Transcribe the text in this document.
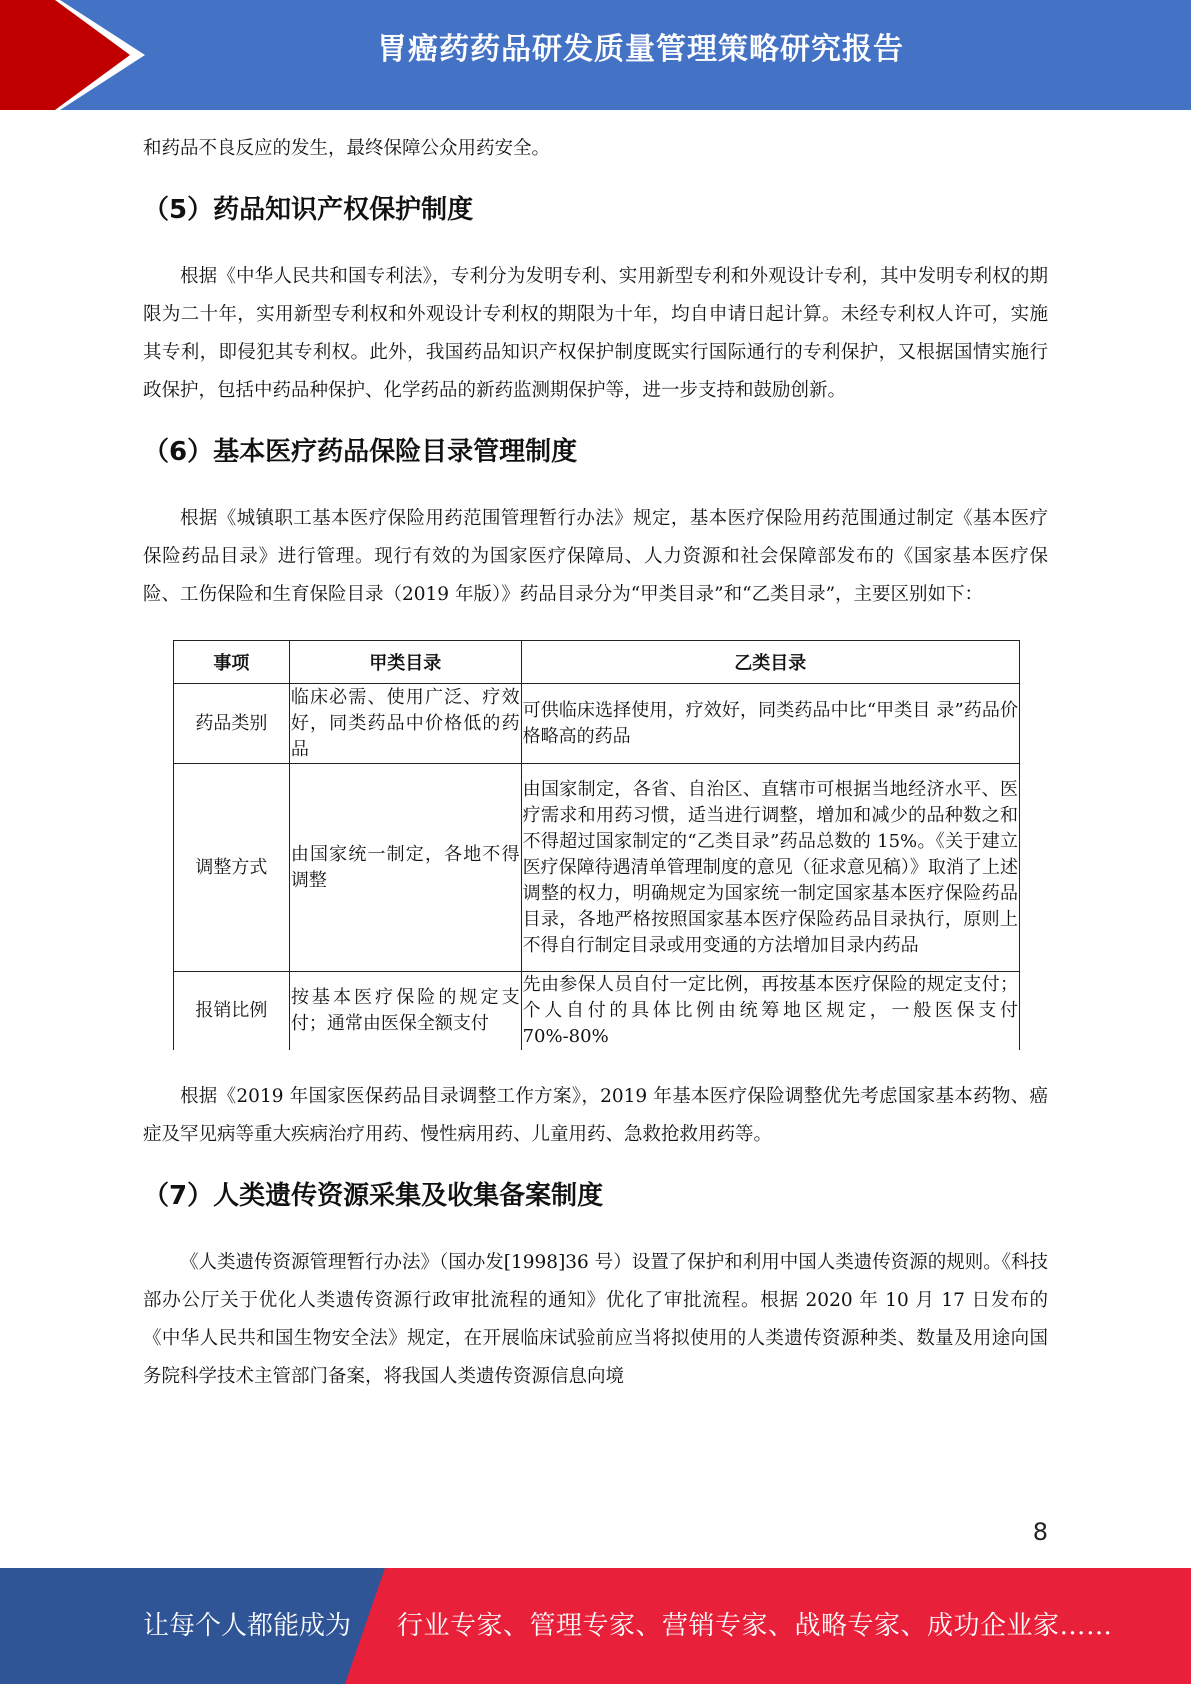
胃癌药药品研发质量管理策略研究报告

和药品不良反应的发生，最终保障公众用药安全。

（5）药品知识产权保护制度

根据《中华人民共和国专利法》，专利分为发明专利、实用新型专利和外观设计专利，其中发明专利权的期限为二十年，实用新型专利权和外观设计专利权的期限为十年，均自申请日起计算。未经专利权人许可，实施其专利，即侵犯其专利权。此外，我国药品知识产权保护制度既实行国际通行的专利保护，又根据国情实施行政保护，包括中药品种保护、化学药品的新药监测期保护等，进一步支持和鼓励创新。

（6）基本医疗药品保险目录管理制度

根据《城镇职工基本医疗保险用药范围管理暂行办法》规定，基本医疗保险用药范围通过制定《基本医疗保险药品目录》进行管理。现行有效的为国家医疗保障局、人力资源和社会保障部发布的《国家基本医疗保险、工伤保险和生育保险目录（2019 年版）》药品目录分为“甲类目录”和“乙类目录”，主要区别如下：

事项	甲类目录	乙类目录
药品类别	临床必需、使用广泛、疗效好，同类药品中价格低的药品	可供临床选择使用，疗效好，同类药品中比“甲类目 录”药品价格略高的药品
调整方式	由国家统一制定，各地不得调整	由国家制定，各省、自治区、直辖市可根据当地经济水平、医疗需求和用药习惯，适当进行调整，增加和减少的品种数之和不得超过国家制定的“乙类目录”药品总数的 15%。《关于建立医疗保障待遇清单管理制度的意见（征求意见稿）》取消了上述调整的权力，明确规定为国家统一制定国家基本医疗保险药品目录，各地严格按照国家基本医疗保险药品目录执行，原则上不得自行制定目录或用变通的方法增加目录内药品
报销比例	按基本医疗保险的规定支付；通常由医保全额支付	先由参保人员自付一定比例，再按基本医疗保险的规定支付；个人自付的具体比例由统筹地区规定，一般医保支付 70%-80%

根据《2019 年国家医保药品目录调整工作方案》，2019 年基本医疗保险调整优先考虑国家基本药物、癌症及罕见病等重大疾病治疗用药、慢性病用药、儿童用药、急救抢救用药等。

（7）人类遗传资源采集及收集备案制度

《人类遗传资源管理暂行办法》（国办发[1998]36 号）设置了保护和利用中国人类遗传资源的规则。《科技部办公厅关于优化人类遗传资源行政审批流程的通知》优化了审批流程。根据 2020 年 10 月 17 日发布的《中华人民共和国生物安全法》规定，在开展临床试验前应当将拟使用的人类遗传资源种类、数量及用途向国务院科学技术主管部门备案，将我国人类遗传资源信息向境

8
让每个人都能成为 行业专家、管理专家、营销专家、战略专家、成功企业家……
